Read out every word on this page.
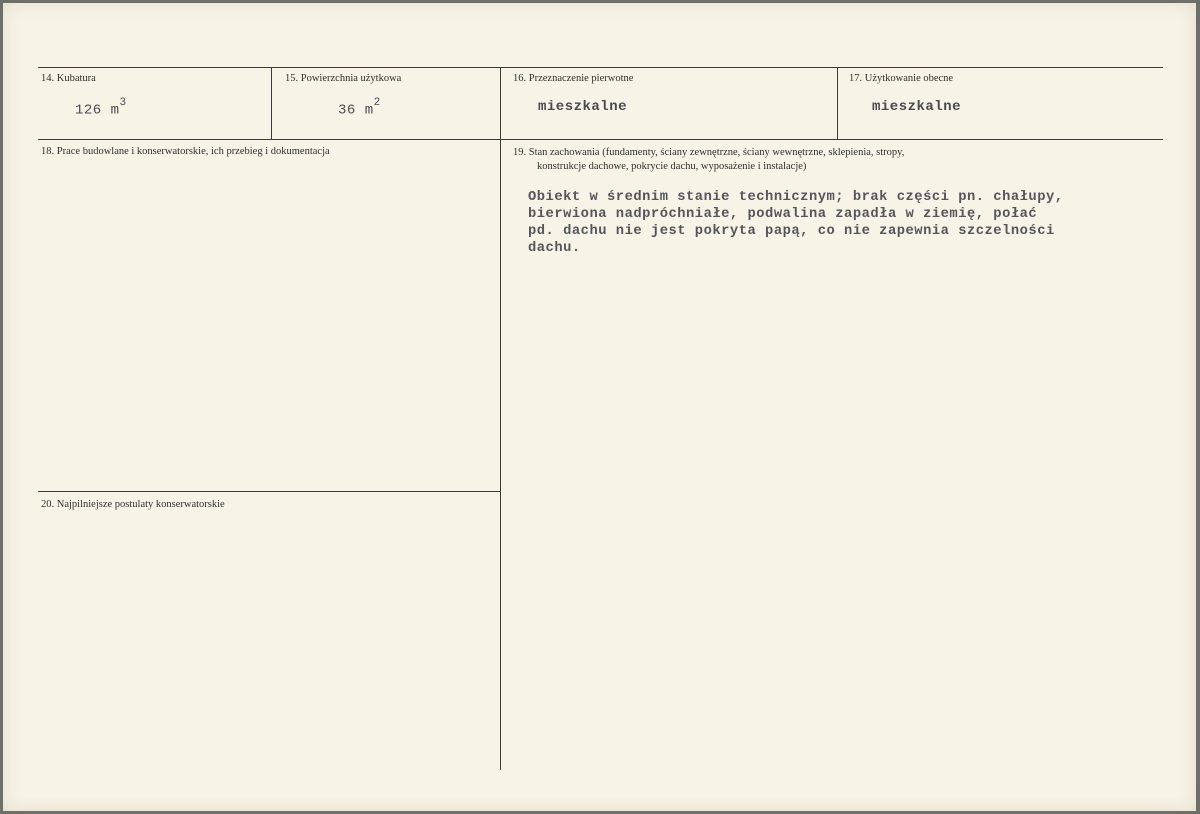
14. Kubatura
126 $m^3$
15. Powierzchnia użytkowa
36 $m^2$
16. Przeznaczenie pierwotne
mieszkalne
17. Użytkowanie obecne
mieszkalne
18. Prace budowlane i konserwatorskie, ich przebieg i dokumentacja	19. Stan zachowania (fundamenty, ściany zewnętrzne, ściany wewnętrzne, sklepienia, stropy,
konstrukcje dachowe, pokrycie dachu, wyposażenie i instalacje)
Obiekt w średnim stanie technicznym; brak części pn. chałupy,
bierwiona nadpróchniałe, podwalina zapadła w ziemię, połać
pd. dachu nie jest pokryta papą, co nie zapewnia szczelności
dachu.
20. Najpilniejsze postulaty konserwatorskie
